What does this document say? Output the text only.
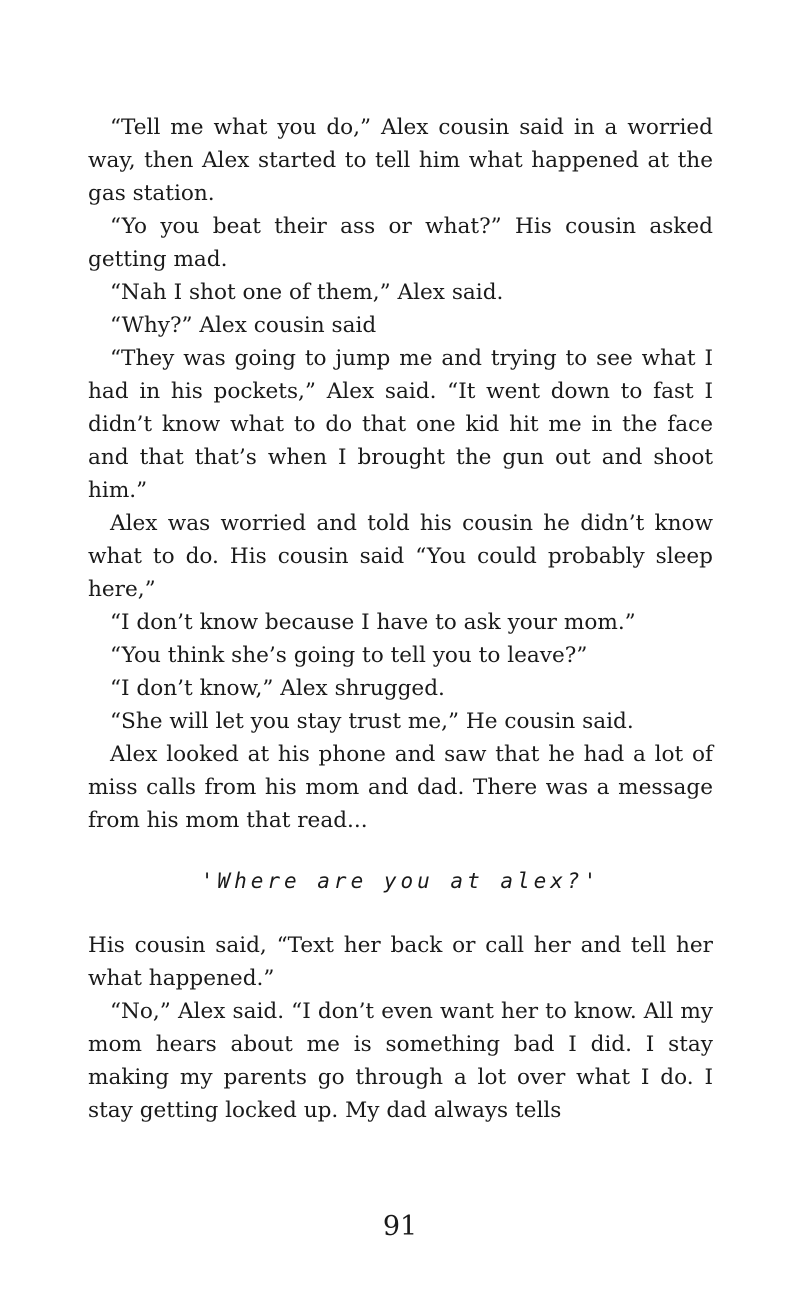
“Tell me what you do,” Alex cousin said in a worried way, then Alex started to tell him what happened at the gas station.

“Yo you beat their ass or what?” His cousin asked getting mad.

“Nah I shot one of them,” Alex said.

“Why?” Alex cousin said

“They was going to jump me and trying to see what I had in his pockets,” Alex said. “It went down to fast I didn’t know what to do that one kid hit me in the face and that that’s when I brought the gun out and shoot him.”

Alex was worried and told his cousin he didn’t know what to do. His cousin said “You could probably sleep here,”

“I don’t know because I have to ask your mom.”

“You think she’s going to tell you to leave?”

“I don’t know,” Alex shrugged.

“She will let you stay trust me,” He cousin said.

Alex looked at his phone and saw that he had a lot of miss calls from his mom and dad. There was a message from his mom that read...

'Where are you at alex?'

His cousin said, “Text her back or call her and tell her what happened.”

“No,” Alex said. “I don’t even want her to know. All my mom hears about me is something bad I did. I stay making my parents go through a lot over what I do. I stay getting locked up. My dad always tells

91
